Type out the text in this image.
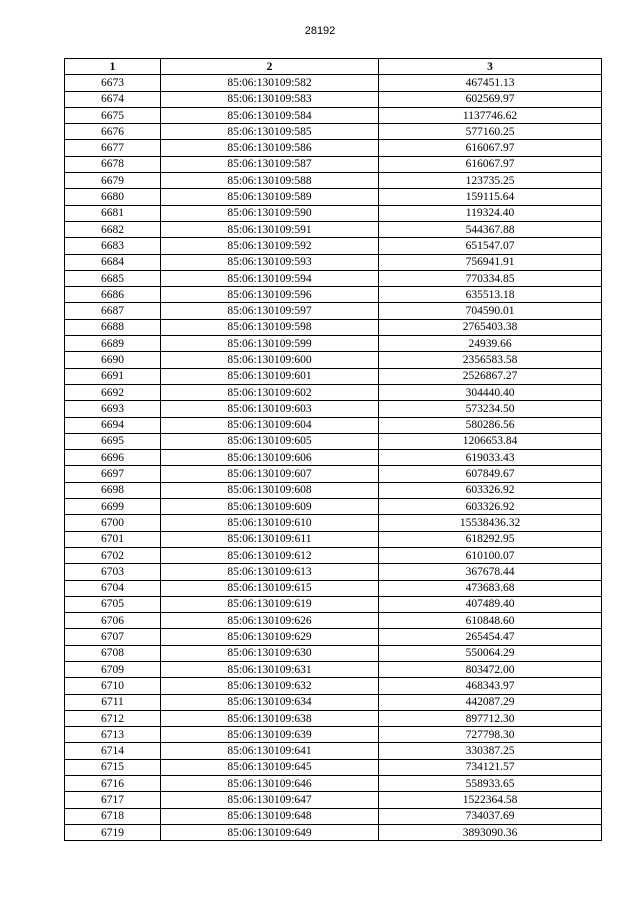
28192
1	2	3
6673	85:06:130109:582	467451.13
6674	85:06:130109:583	602569.97
6675	85:06:130109:584	1137746.62
6676	85:06:130109:585	577160.25
6677	85:06:130109:586	616067.97
6678	85:06:130109:587	616067.97
6679	85:06:130109:588	123735.25
6680	85:06:130109:589	159115.64
6681	85:06:130109:590	119324.40
6682	85:06:130109:591	544367.88
6683	85:06:130109:592	651547.07
6684	85:06:130109:593	756941.91
6685	85:06:130109:594	770334.85
6686	85:06:130109:596	635513.18
6687	85:06:130109:597	704590.01
6688	85:06:130109:598	2765403.38
6689	85:06:130109:599	24939.66
6690	85:06:130109:600	2356583.58
6691	85:06:130109:601	2526867.27
6692	85:06:130109:602	304440.40
6693	85:06:130109:603	573234.50
6694	85:06:130109:604	580286.56
6695	85:06:130109:605	1206653.84
6696	85:06:130109:606	619033.43
6697	85:06:130109:607	607849.67
6698	85:06:130109:608	603326.92
6699	85:06:130109:609	603326.92
6700	85:06:130109:610	15538436.32
6701	85:06:130109:611	618292.95
6702	85:06:130109:612	610100.07
6703	85:06:130109:613	367678.44
6704	85:06:130109:615	473683.68
6705	85:06:130109:619	407489.40
6706	85:06:130109:626	610848.60
6707	85:06:130109:629	265454.47
6708	85:06:130109:630	550064.29
6709	85:06:130109:631	803472.00
6710	85:06:130109:632	468343.97
6711	85:06:130109:634	442087.29
6712	85:06:130109:638	897712.30
6713	85:06:130109:639	727798.30
6714	85:06:130109:641	330387.25
6715	85:06:130109:645	734121.57
6716	85:06:130109:646	558933.65
6717	85:06:130109:647	1522364.58
6718	85:06:130109:648	734037.69
6719	85:06:130109:649	3893090.36
